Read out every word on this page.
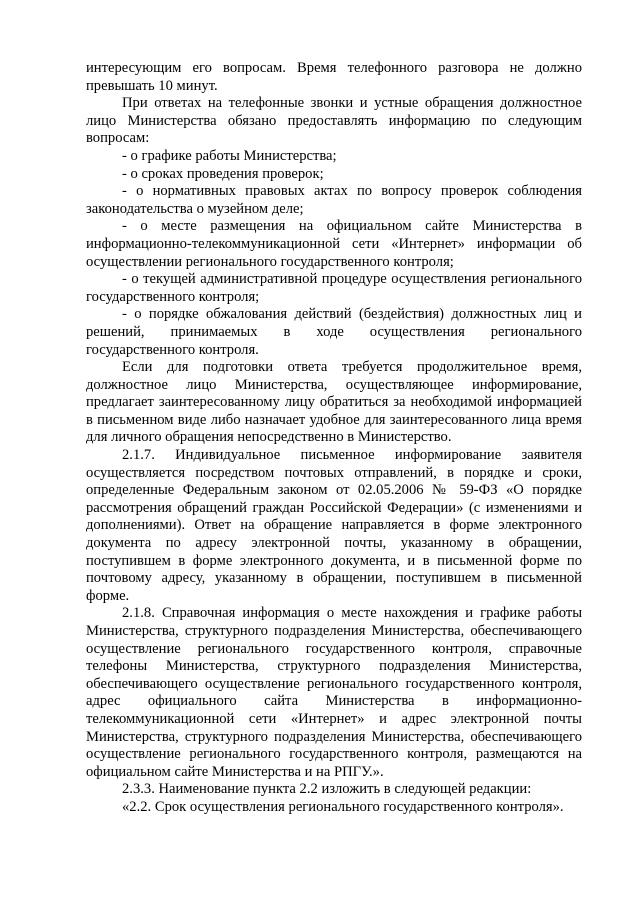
интересующим его вопросам. Время телефонного разговора не должно превышать 10 минут.

При ответах на телефонные звонки и устные обращения должностное лицо Министерства обязано предоставлять информацию по следующим вопросам:

- о графике работы Министерства;

- о сроках проведения проверок;

- о нормативных правовых актах по вопросу проверок соблюдения законодательства о музейном деле;

- о месте размещения на официальном сайте Министерства в информационно-телекоммуникационной сети «Интернет» информации об осуществлении регионального государственного контроля;

- о текущей административной процедуре осуществления регионального государственного контроля;

- о порядке обжалования действий (бездействия) должностных лиц и решений, принимаемых в ходе осуществления регионального государственного контроля.

Если для подготовки ответа требуется продолжительное время, должностное лицо Министерства, осуществляющее информирование, предлагает заинтересованному лицу обратиться за необходимой информацией в письменном виде либо назначает удобное для заинтересованного лица время для личного обращения непосредственно в Министерство.

2.1.7. Индивидуальное письменное информирование заявителя осуществляется посредством почтовых отправлений, в порядке и сроки, определенные Федеральным законом от 02.05.2006 № 59-ФЗ «О порядке рассмотрения обращений граждан Российской Федерации» (с изменениями и дополнениями). Ответ на обращение направляется в форме электронного документа по адресу электронной почты, указанному в обращении, поступившем в форме электронного документа, и в письменной форме по почтовому адресу, указанному в обращении, поступившем в письменной форме.

2.1.8. Справочная информация о месте нахождения и графике работы Министерства, структурного подразделения Министерства, обеспечивающего осуществление регионального государственного контроля, справочные телефоны Министерства, структурного подразделения Министерства, обеспечивающего осуществление регионального государственного контроля, адрес официального сайта Министерства в информационно-телекоммуникационной сети «Интернет» и адрес электронной почты Министерства, структурного подразделения Министерства, обеспечивающего осуществление регионального государственного контроля, размещаются на официальном сайте Министерства и на РПГУ.».

2.3.3. Наименование пункта 2.2 изложить в следующей редакции:

«2.2. Срок осуществления регионального государственного контроля».
